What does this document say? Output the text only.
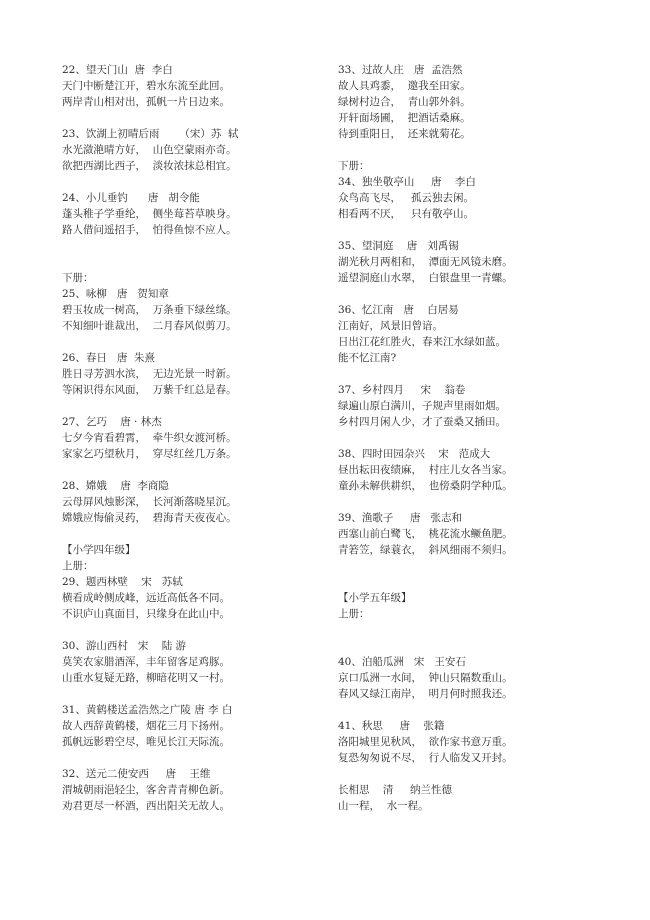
22、望天门山  唐  李白
天门中断楚江开，碧水东流至此回。
两岸青山相对出，孤帆一片日边来。
23、饮湖上初晴后雨      （宋）苏  轼
水光潋滟晴方好，  山色空蒙雨亦奇。
欲把西湖比西子，  淡妆浓抹总相宜。
24、小儿垂钓      唐   胡令能
蓬头稚子学垂纶，  侧坐莓苔草映身。
路人借问遥招手，  怕得鱼惊不应人。

下册：
25、咏柳   唐   贺知章
碧玉妆成一树高，  万条垂下绿丝绦。
不知细叶谁裁出，  二月春风似剪刀。
26、春日   唐  朱熹
胜日寻芳泗水滨，  无边光景一时新。
等闲识得东风面，  万紫千红总是春。
27、乞巧    唐 · 林杰
七夕今宵看碧霄，  牵牛织女渡河桥。
家家乞巧望秋月，  穿尽红丝几万条。
28、嫦娥    唐  李商隐
云母屏风烛影深，  长河渐落晓星沉。
嫦娥应悔偷灵药，  碧海青天夜夜心。
【小学四年级】
上册：
29、题西林壁    宋   苏轼
横看成岭侧成峰，远近高低各不同。
不识庐山真面目，只缘身在此山中。
30、游山西村   宋    陆 游
莫笑农家腊酒浑，丰年留客足鸡豚。
山重水复疑无路，柳暗花明又一村。
31、黄鹤楼送孟浩然之广陵 唐 李 白
故人西辞黄鹤楼，烟花三月下扬州。
孤帆远影碧空尽，唯见长江天际流。
32、送元二使安西     唐    王维
渭城朝雨浥轻尘，客舍青青柳色新。
劝君更尽一杯酒，西出阳关无故人。
33、过故人庄   唐  孟浩然
故人具鸡黍，  邀我至田家。
绿树村边合，  青山郭外斜。
开轩面场圃，  把酒话桑麻。
待到重阳日，  还来就菊花。
下册：
34、独坐敬亭山     唐    李白
众鸟高飞尽，   孤云独去闲。
相看两不厌，   只有敬亭山。
35、望洞庭    唐   刘禹锡
湖光秋月两相和，  潭面无风镜未磨。
遥望洞庭山水翠，  白银盘里一青螺。
36、忆江南   唐    白居易
江南好，风景旧曾谙。
日出江花红胜火，春来江水绿如蓝。
能不忆江南?
37、乡村四月     宋    翁卷
绿遍山原白满川，子规声里雨如烟。
乡村四月闲人少，才了蚕桑又插田。
38、四时田园杂兴    宋   范成大
昼出耘田夜绩麻，  村庄儿女各当家。
童孙未解供耕织，  也傍桑阴学种瓜。
39、渔歌子     唐   张志和
西塞山前白鹭飞，  桃花流水鳜鱼肥。
青箬笠，绿蓑衣，  斜风细雨不须归。

【小学五年级】
上册：

40、泊船瓜洲   宋   王安石
京口瓜洲一水间，  钟山只隔数重山。
春风又绿江南岸，  明月何时照我还。
41、秋思     唐    张籍
洛阳城里见秋风，  欲作家书意万重。
复恐匆匆说不尽，  行人临发又开封。
长相思    清     纳兰性德
山一程，  水一程。
